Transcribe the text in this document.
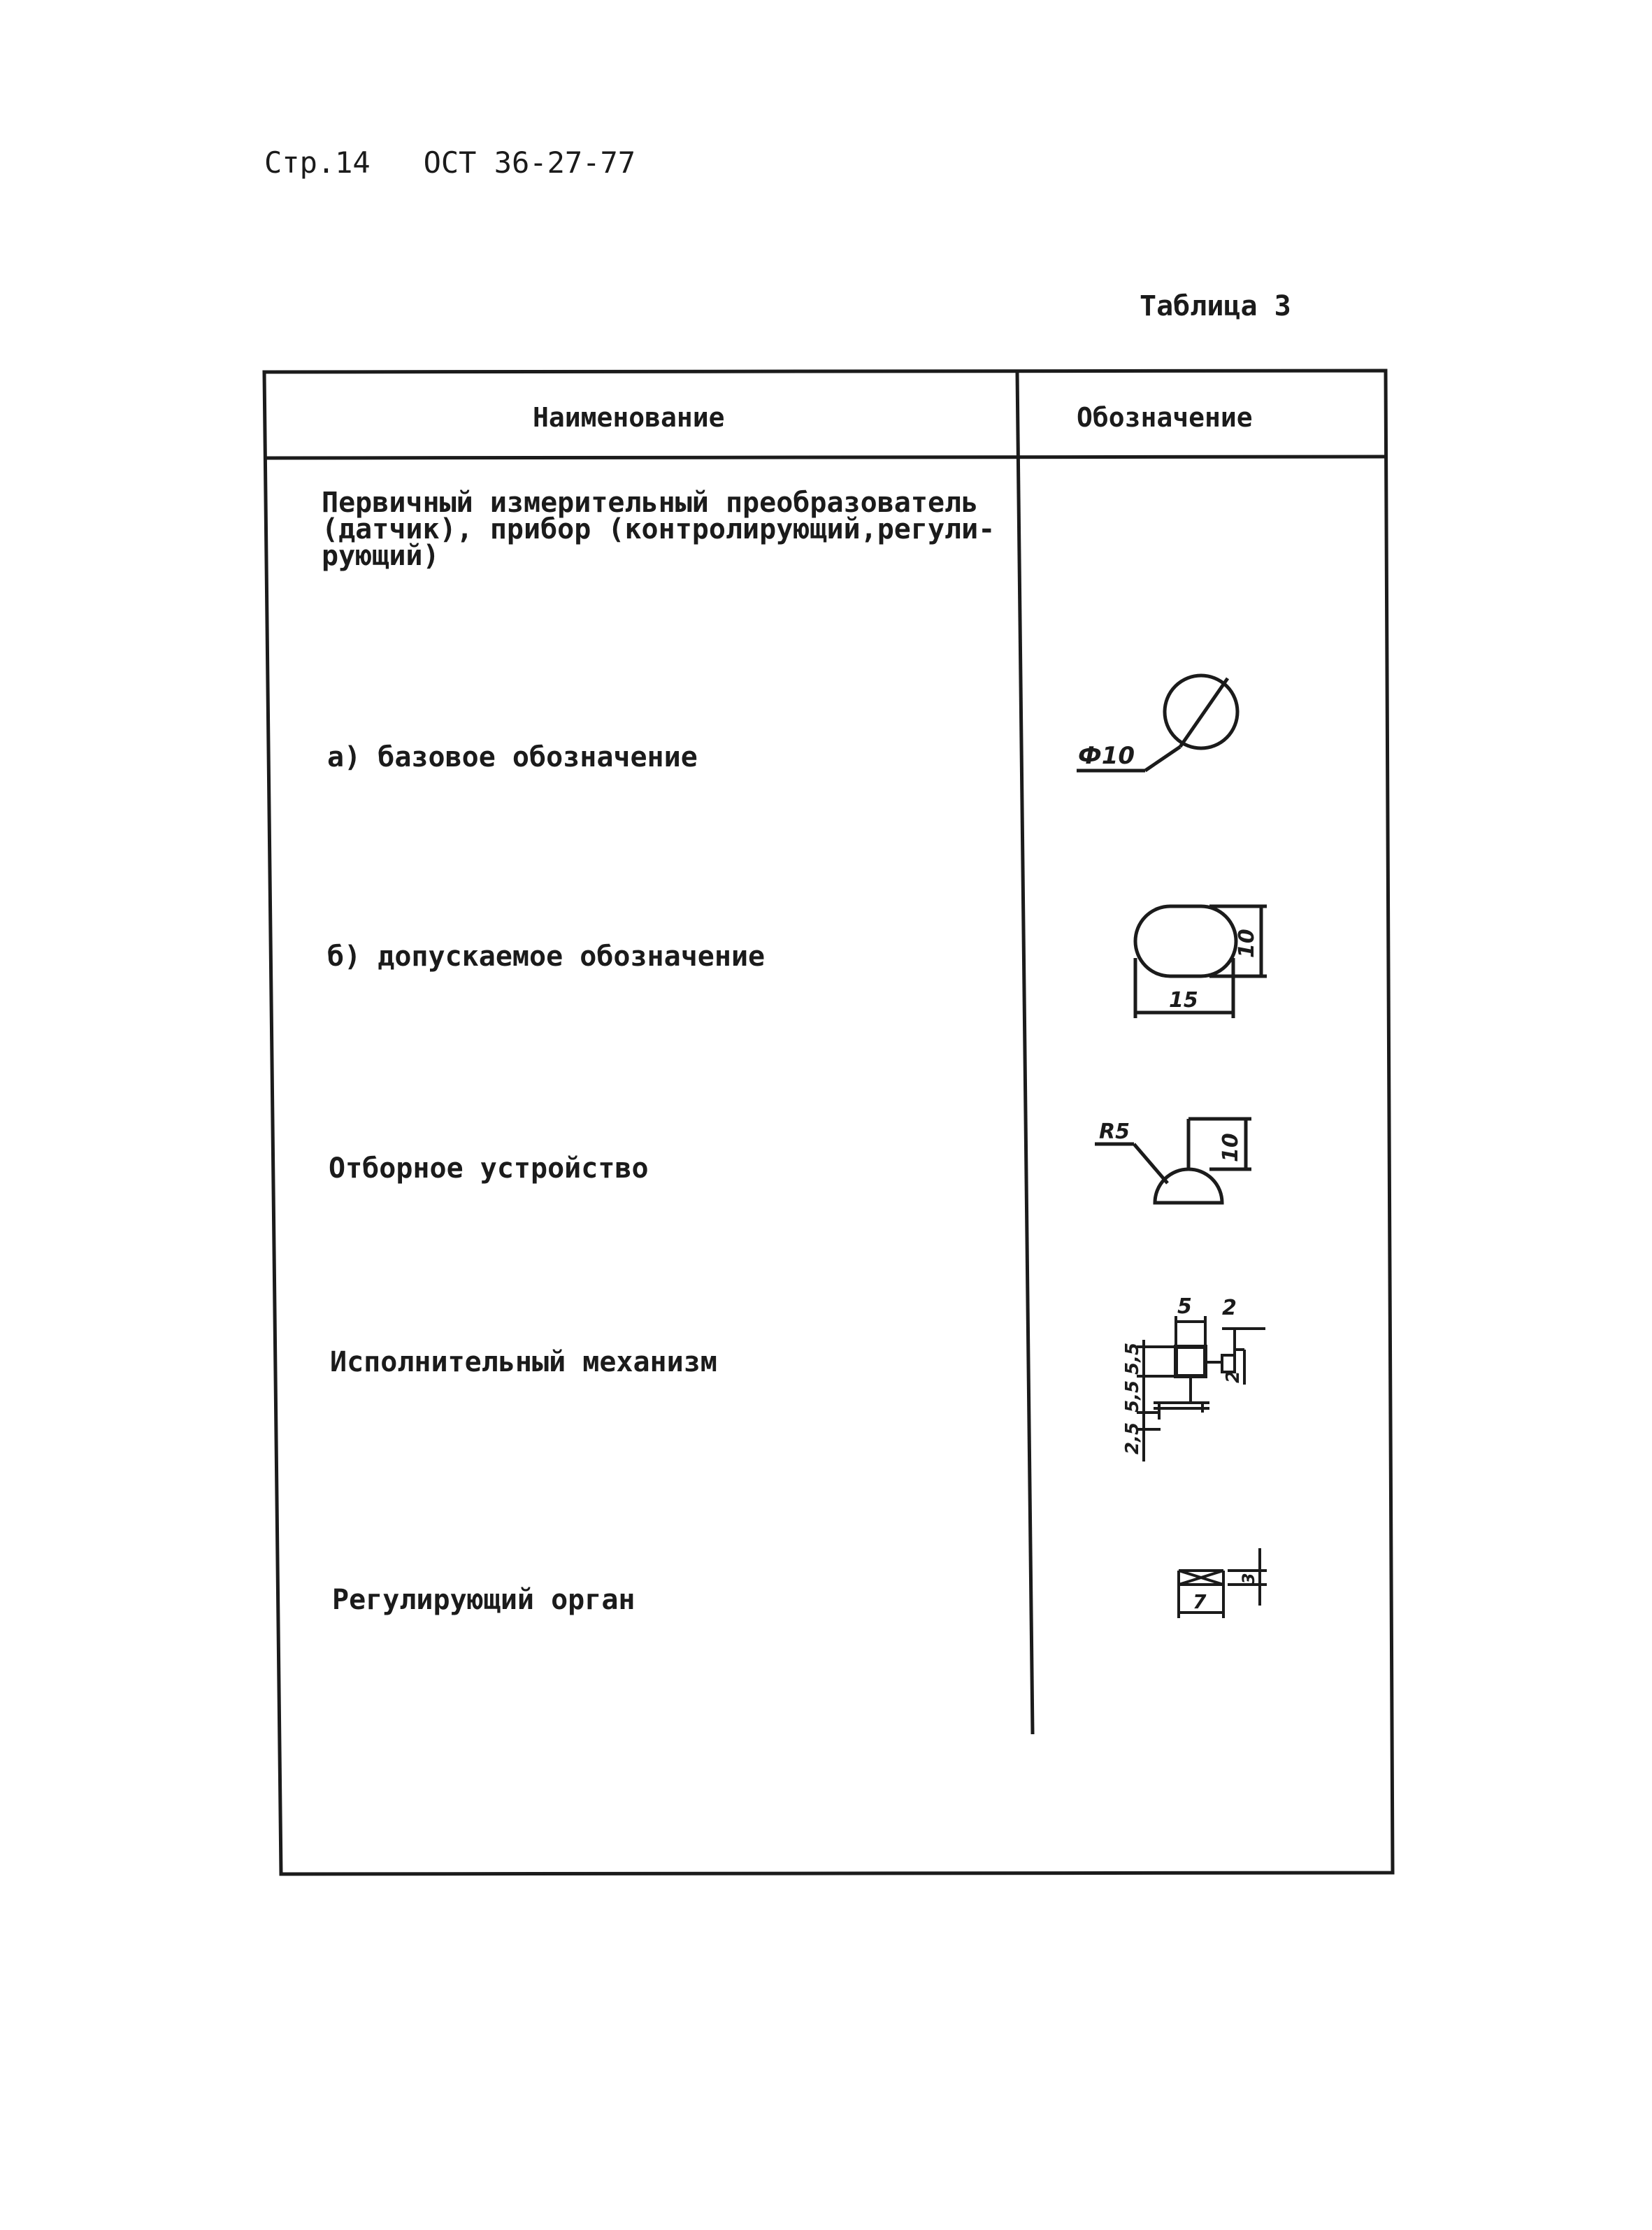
Стр.14 ОСТ 36-27-77
Таблица 3
Наименование	Обозначение
Первичный измерительный преобразователь
(датчик), прибор (контролирующий,регули-
рующий)
а) базовое обозначение
б) допускаемое обозначение
Отборное устройство
Исполнительный механизм
Регулирующий орган
Ф10
10
15
R5
10
5 2
5,5
5,5
2
2,5
7
3
